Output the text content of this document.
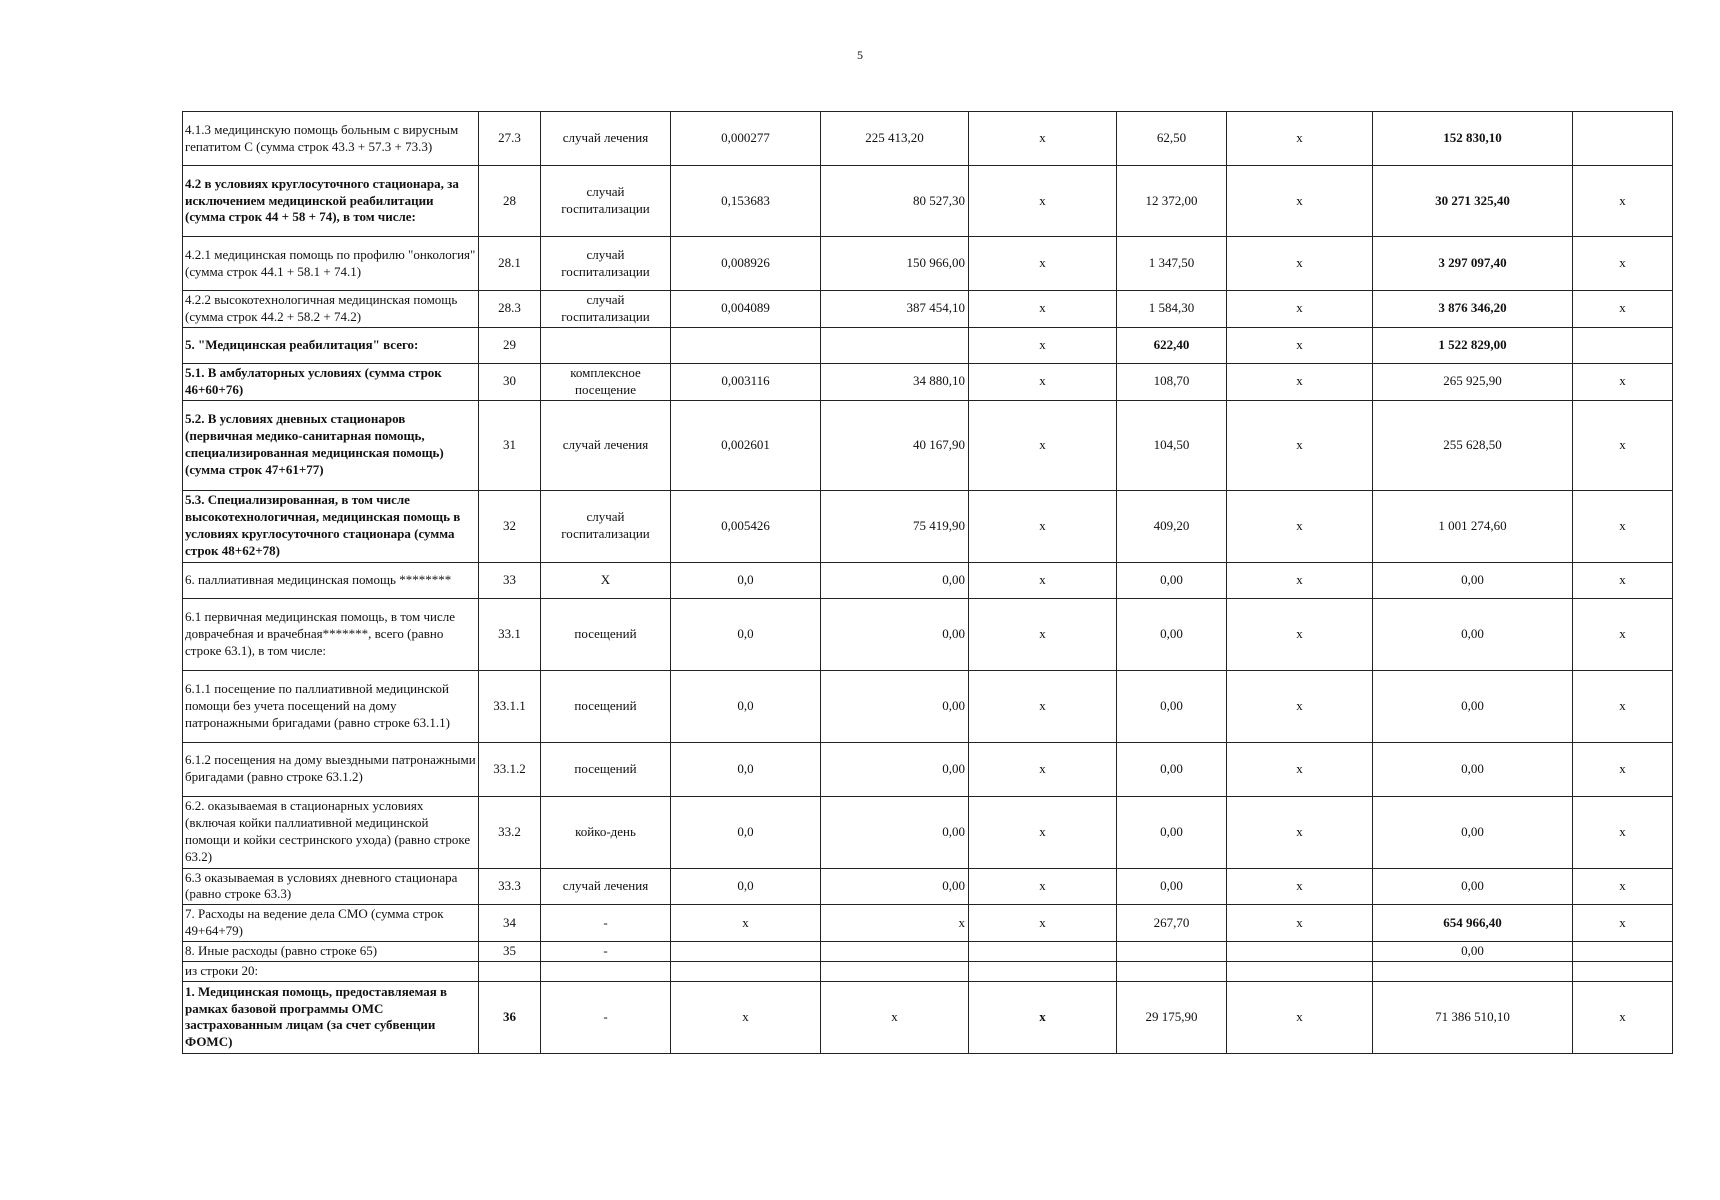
5
4.1.3 медицинскую помощь больным с вирусным гепатитом С (сумма строк 43.3 + 57.3 + 73.3)	27.3	случай лечения	0,000277	225 413,20	х	62,50	х	152 830,10	
4.2 в условиях круглосуточного стационара, за исключением медицинской реабилитации (сумма строк 44 + 58 + 74), в том числе:	28	случай госпитализации	0,153683	80 527,30	х	12 372,00	х	30 271 325,40	х
4.2.1 медицинская помощь по профилю "онкология" (сумма строк 44.1 + 58.1 + 74.1)	28.1	случай госпитализации	0,008926	150 966,00	х	1 347,50	х	3 297 097,40	х
4.2.2 высокотехнологичная медицинская помощь (сумма строк 44.2 + 58.2 + 74.2)	28.3	случай госпитализации	0,004089	387 454,10	х	1 584,30	х	3 876 346,20	х
5. "Медицинская реабилитация" всего:	29				х	622,40	х	1 522 829,00	
5.1. В амбулаторных условиях (сумма строк 46+60+76)	30	комплексное посещение	0,003116	34 880,10	х	108,70	х	265 925,90	х
5.2. В условиях дневных стационаров (первичная медико-санитарная помощь, специализированная медицинская помощь) (сумма строк 47+61+77)	31	случай лечения	0,002601	40 167,90	х	104,50	х	255 628,50	х
5.3. Специализированная, в том числе высокотехнологичная, медицинская помощь в условиях круглосуточного стационара (сумма строк 48+62+78)	32	случай госпитализации	0,005426	75 419,90	х	409,20	х	1 001 274,60	х
6. паллиативная медицинская помощь ********	33	Х	0,0	0,00	х	0,00	х	0,00	х
6.1 первичная медицинская помощь, в том числе доврачебная и врачебная*******, всего (равно строке 63.1), в том числе:	33.1	посещений	0,0	0,00	х	0,00	х	0,00	х
6.1.1 посещение по паллиативной медицинской помощи без учета посещений на дому патронажными бригадами (равно строке 63.1.1)	33.1.1	посещений	0,0	0,00	х	0,00	х	0,00	х
6.1.2 посещения на дому выездными патронажными бригадами (равно строке 63.1.2)	33.1.2	посещений	0,0	0,00	х	0,00	х	0,00	х
6.2. оказываемая в стационарных условиях (включая койки паллиативной медицинской помощи и койки сестринского ухода) (равно строке 63.2)	33.2	койко-день	0,0	0,00	х	0,00	х	0,00	х
6.3 оказываемая в условиях дневного стационара (равно строке 63.3)	33.3	случай лечения	0,0	0,00	х	0,00	х	0,00	х
7. Расходы на ведение дела СМО (сумма строк 49+64+79)	34	-	х	х	х	267,70	х	654 966,40	х
8. Иные расходы (равно строке 65)	35	-						0,00	
из строки 20:									
1. Медицинская помощь, предоставляемая в рамках базовой программы ОМС застрахованным лицам (за счет субвенции ФОМС)	36	-	х	х	х	29 175,90	х	71 386 510,10	х
